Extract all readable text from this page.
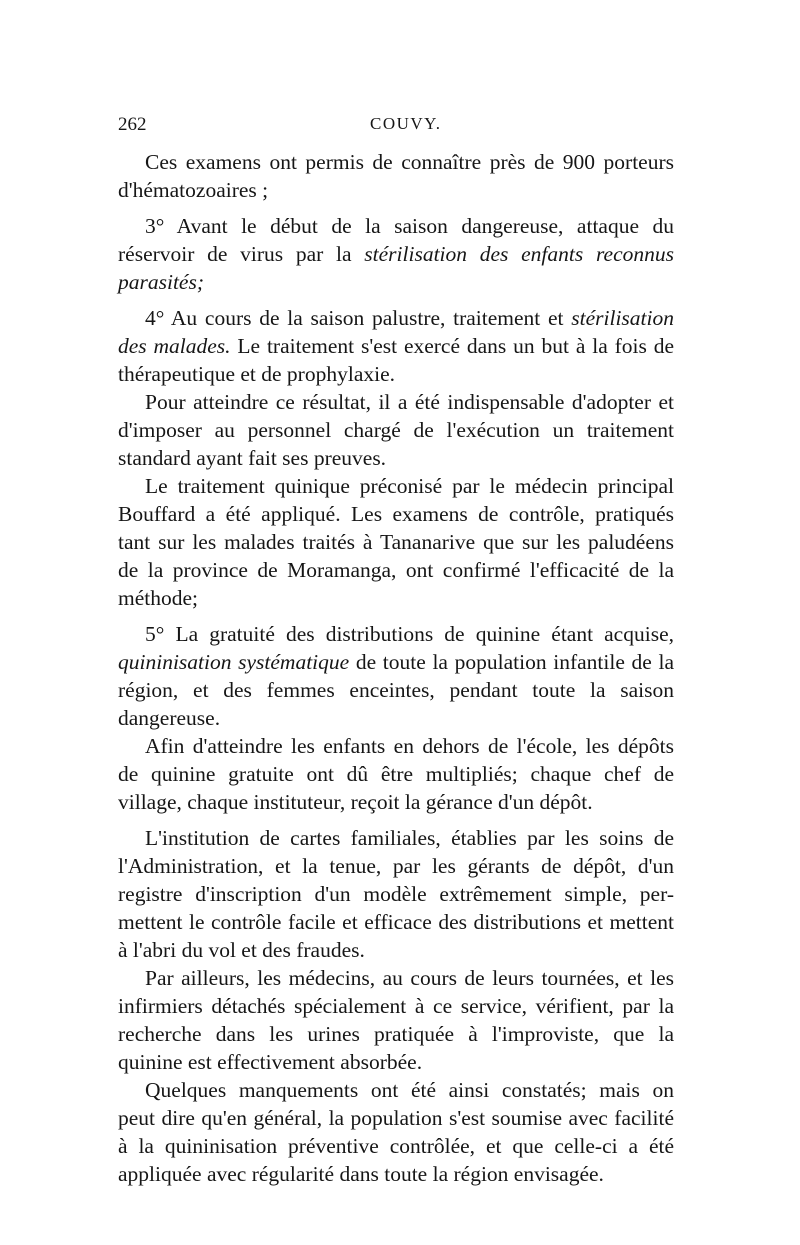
262	COUVY.
Ces examens ont permis de connaître près de 900 porteurs
d'hématozoaires ;
3° Avant le début de la saison dangereuse, attaque du
réservoir de virus par la stérilisation des enfants reconnus
parasités;
4° Au cours de la saison palustre, traitement et stérilisation
des malades. Le traitement s'est exercé dans un but à la fois de
thérapeutique et de prophylaxie.
Pour atteindre ce résultat, il a été indispensable d'adopter et
d'imposer au personnel chargé de l'exécution un traitement
standard ayant fait ses preuves.
Le traitement quinique préconisé par le médecin principal
Bouffard a été appliqué. Les examens de contrôle, pratiqués
tant sur les malades traités à Tananarive que sur les paludéens
de la province de Moramanga, ont confirmé l'efficacité de la
méthode;
5° La gratuité des distributions de quinine étant acquise,
quininisation systématique de toute la population infantile de la
région, et des femmes enceintes, pendant toute la saison
dangereuse.
Afin d'atteindre les enfants en dehors de l'école, les dépôts
de quinine gratuite ont dû être multipliés; chaque chef de
village, chaque instituteur, reçoit la gérance d'un dépôt.
L'institution de cartes familiales, établies par les soins de
l'Administration, et la tenue, par les gérants de dépôt, d'un
registre d'inscription d'un modèle extrêmement simple, per-
mettent le contrôle facile et efficace des distributions et mettent
à l'abri du vol et des fraudes.
Par ailleurs, les médecins, au cours de leurs tournées, et les
infirmiers détachés spécialement à ce service, vérifient, par la
recherche dans les urines pratiquée à l'improviste, que la
quinine est effectivement absorbée.
Quelques manquements ont été ainsi constatés; mais on
peut dire qu'en général, la population s'est soumise avec facilité
à la quininisation préventive contrôlée, et que celle-ci a été
appliquée avec régularité dans toute la région envisagée.
